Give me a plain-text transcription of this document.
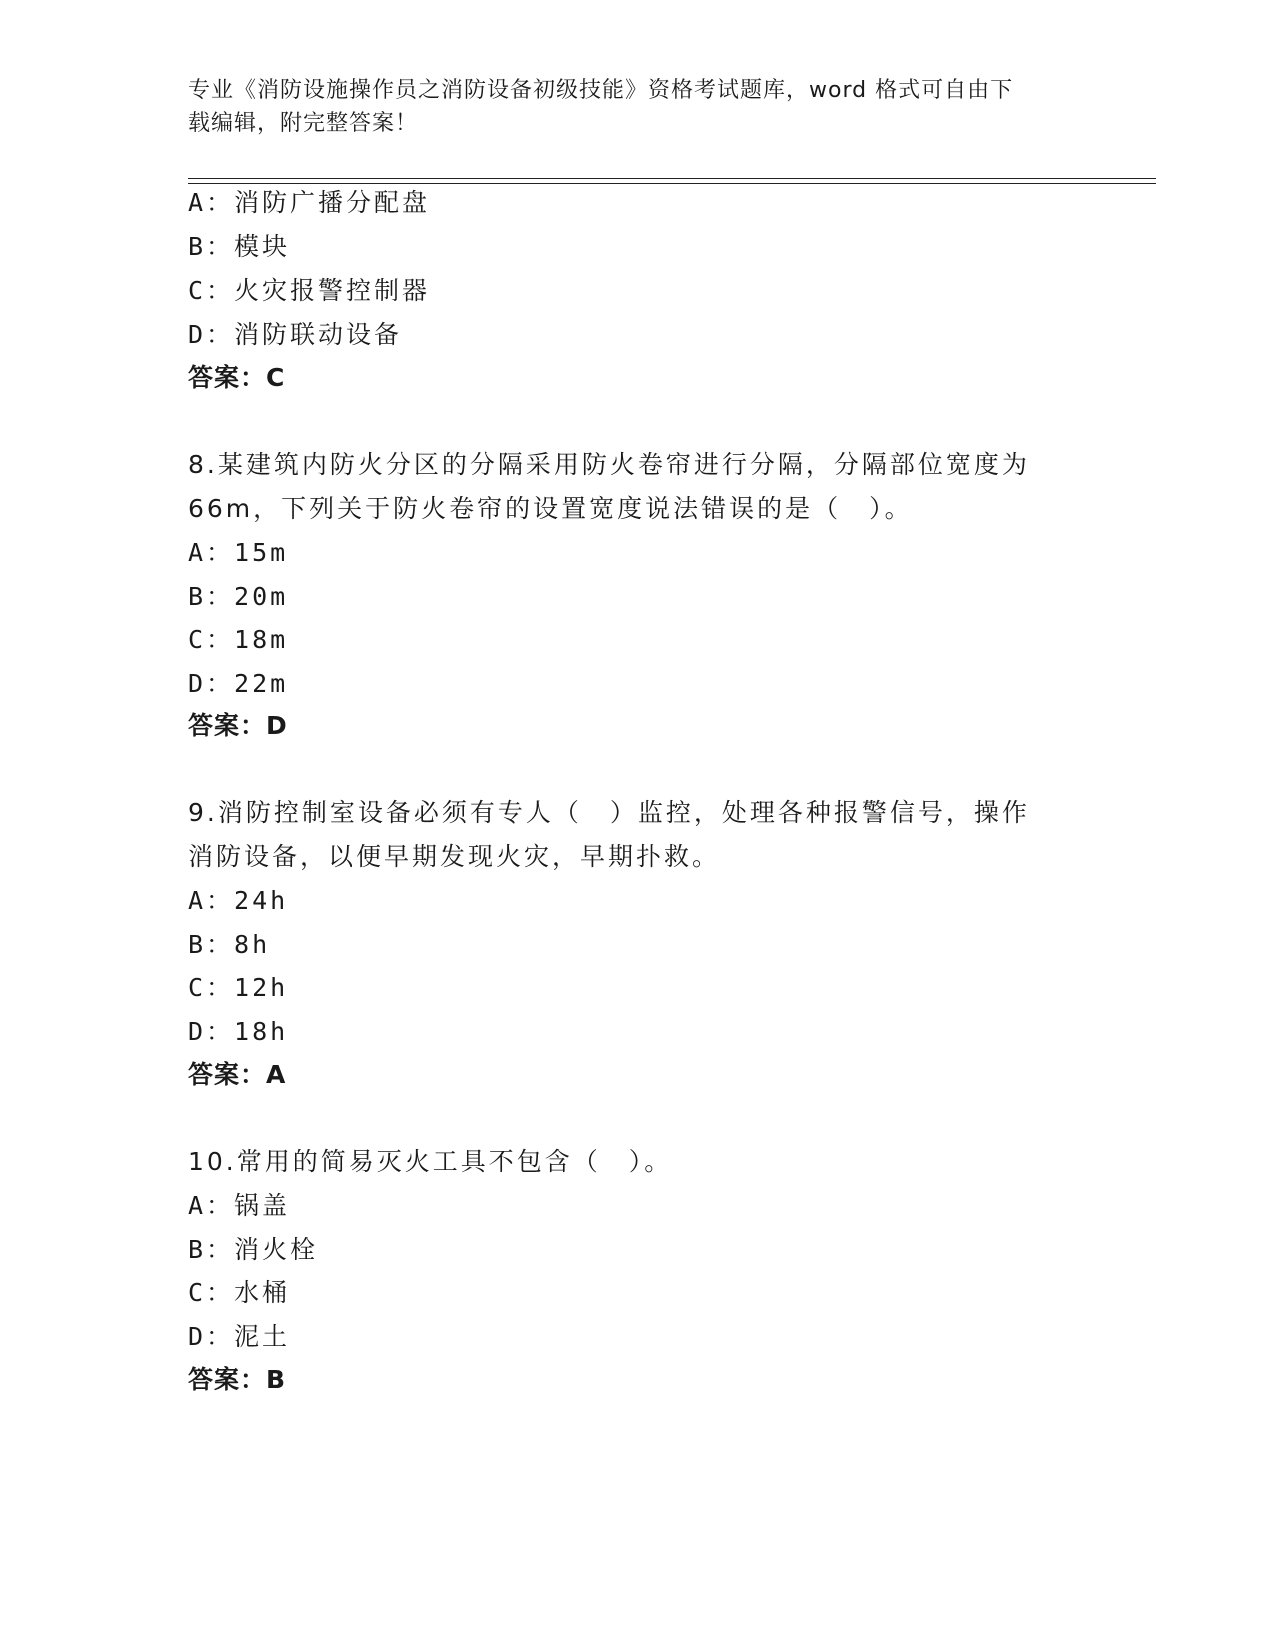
专业《消防设施操作员之消防设备初级技能》资格考试题库，word 格式可自由下
载编辑，附完整答案！
A：消防广播分配盘
B：模块
C：火灾报警控制器
D：消防联动设备
答案：C
8.某建筑内防火分区的分隔采用防火卷帘进行分隔，分隔部位宽度为
66m，下列关于防火卷帘的设置宽度说法错误的是（　）。
A：15m
B：20m
C：18m
D：22m
答案：D
9.消防控制室设备必须有专人（　）监控，处理各种报警信号，操作
消防设备，以便早期发现火灾，早期扑救。
A：24h
B：8h
C：12h
D：18h
答案：A
10.常用的简易灭火工具不包含（　）。
A：锅盖
B：消火栓
C：水桶
D：泥土
答案：B
